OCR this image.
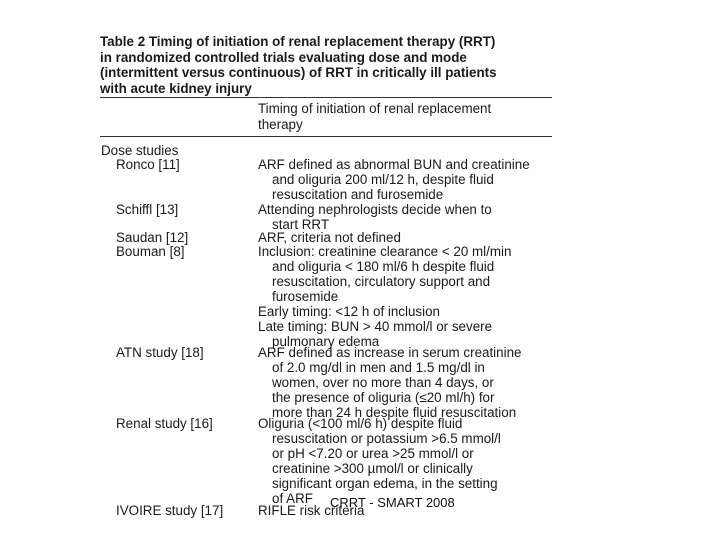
Table 2 Timing of initiation of renal replacement therapy (RRT)
in randomized controlled trials evaluating dose and mode
(intermittent versus continuous) of RRT in critically ill patients
with acute kidney injury
Timing of initiation of renal replacement
therapy
Dose studies
Ronco [11]	ARF defined as abnormal BUN and creatinine
and oliguria 200 ml/12 h, despite fluid
resuscitation and furosemide
Schiffl [13]	Attending nephrologists decide when to
start RRT
Saudan [12]	ARF, criteria not defined
Bouman [8]	Inclusion: creatinine clearance < 20 ml/min
and oliguria < 180 ml/6 h despite fluid
resuscitation, circulatory support and
furosemide
Early timing: <12 h of inclusion
Late timing: BUN > 40 mmol/l or severe
pulmonary edema
ATN study [18]	ARF defined as increase in serum creatinine
of 2.0 mg/dl in men and 1.5 mg/dl in
women, over no more than 4 days, or
the presence of oliguria (≤20 ml/h) for
more than 24 h despite fluid resuscitation
Renal study [16]	Oliguria (<100 ml/6 h) despite fluid
resuscitation or potassium >6.5 mmol/l
or pH <7.20 or urea >25 mmol/l or
creatinine >300 µmol/l or clinically
significant organ edema, in the setting
of ARF
IVOIRE study [17]	RIFLE risk criteria
CRRT - SMART 2008
